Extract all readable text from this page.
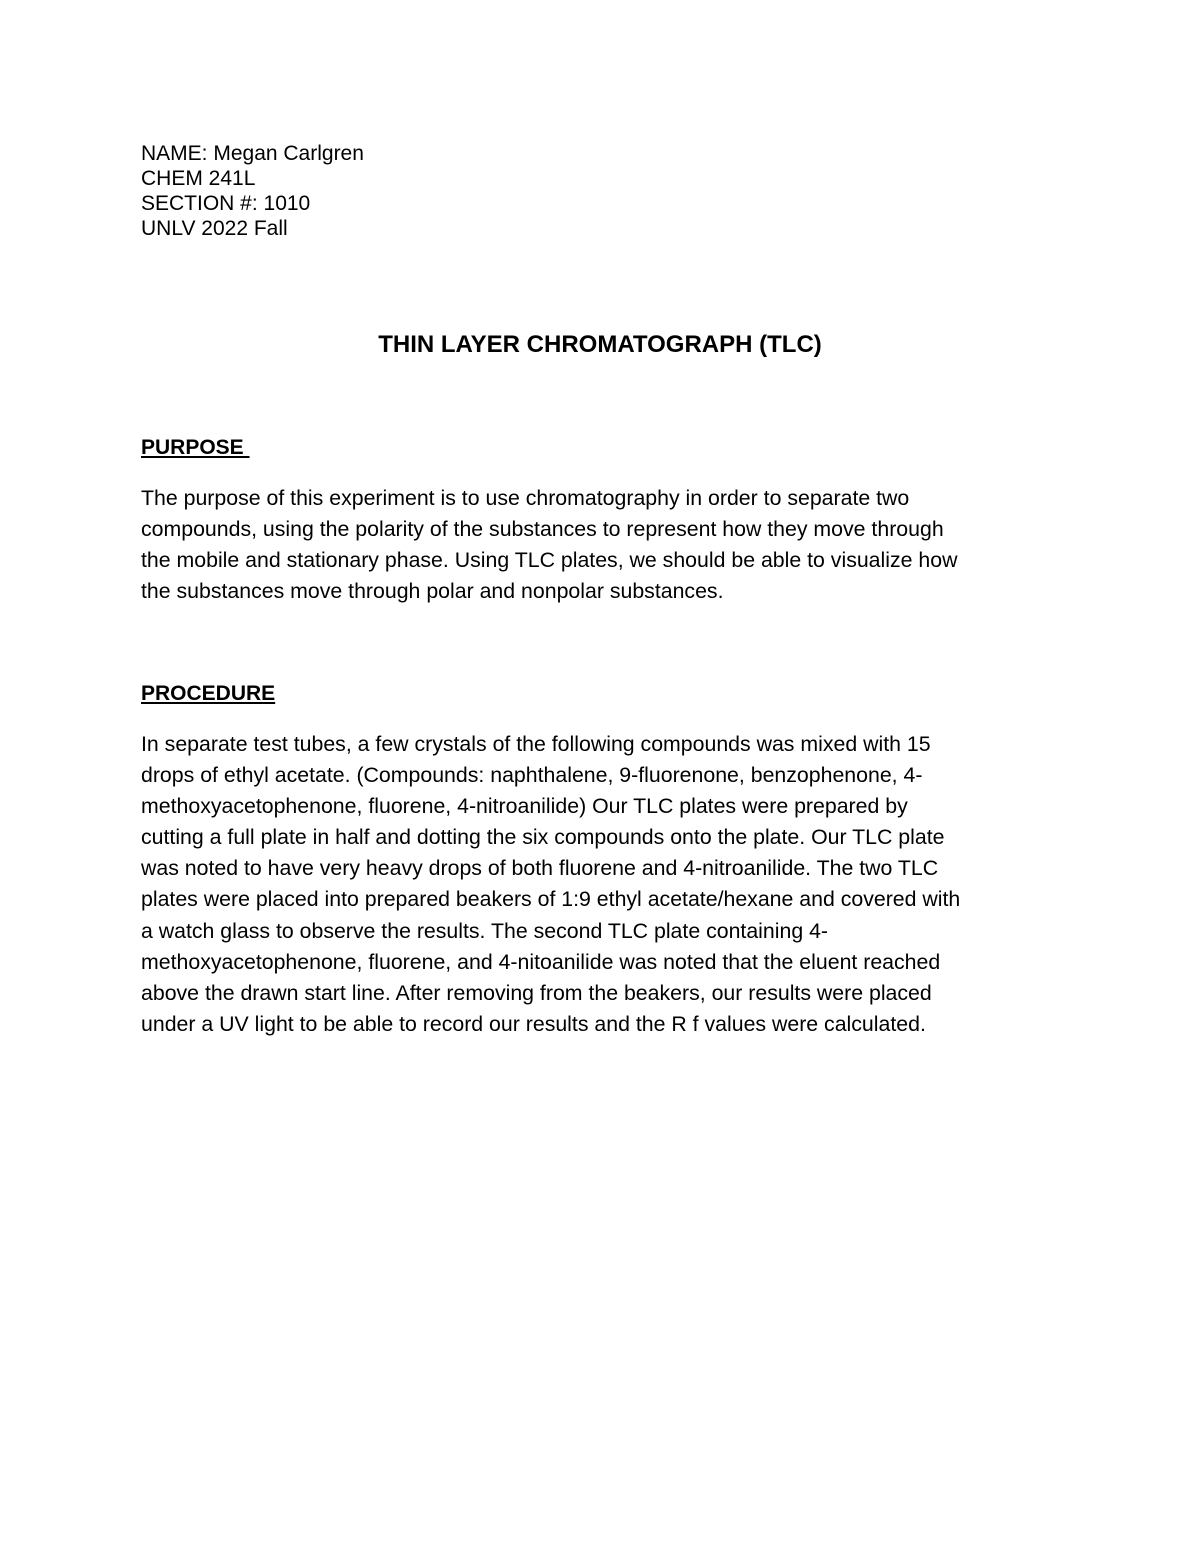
NAME: Megan Carlgren
CHEM 241L
SECTION #: 1010
UNLV 2022 Fall
THIN LAYER CHROMATOGRAPH (TLC)
PURPOSE

The purpose of this experiment is to use chromatography in order to separate two
compounds, using the polarity of the substances to represent how they move through
the mobile and stationary phase. Using TLC plates, we should be able to visualize how
the substances move through polar and nonpolar substances.

PROCEDURE

In separate test tubes, a few crystals of the following compounds was mixed with 15
drops of ethyl acetate. (Compounds: naphthalene, 9-fluorenone, benzophenone, 4-
methoxyacetophenone, fluorene, 4-nitroanilide) Our TLC plates were prepared by
cutting a full plate in half and dotting the six compounds onto the plate. Our TLC plate
was noted to have very heavy drops of both fluorene and 4-nitroanilide. The two TLC
plates were placed into prepared beakers of 1:9 ethyl acetate/hexane and covered with
a watch glass to observe the results. The second TLC plate containing 4-
methoxyacetophenone, fluorene, and 4-nitoanilide was noted that the eluent reached
above the drawn start line. After removing from the beakers, our results were placed
under a UV light to be able to record our results and the R f values were calculated.
